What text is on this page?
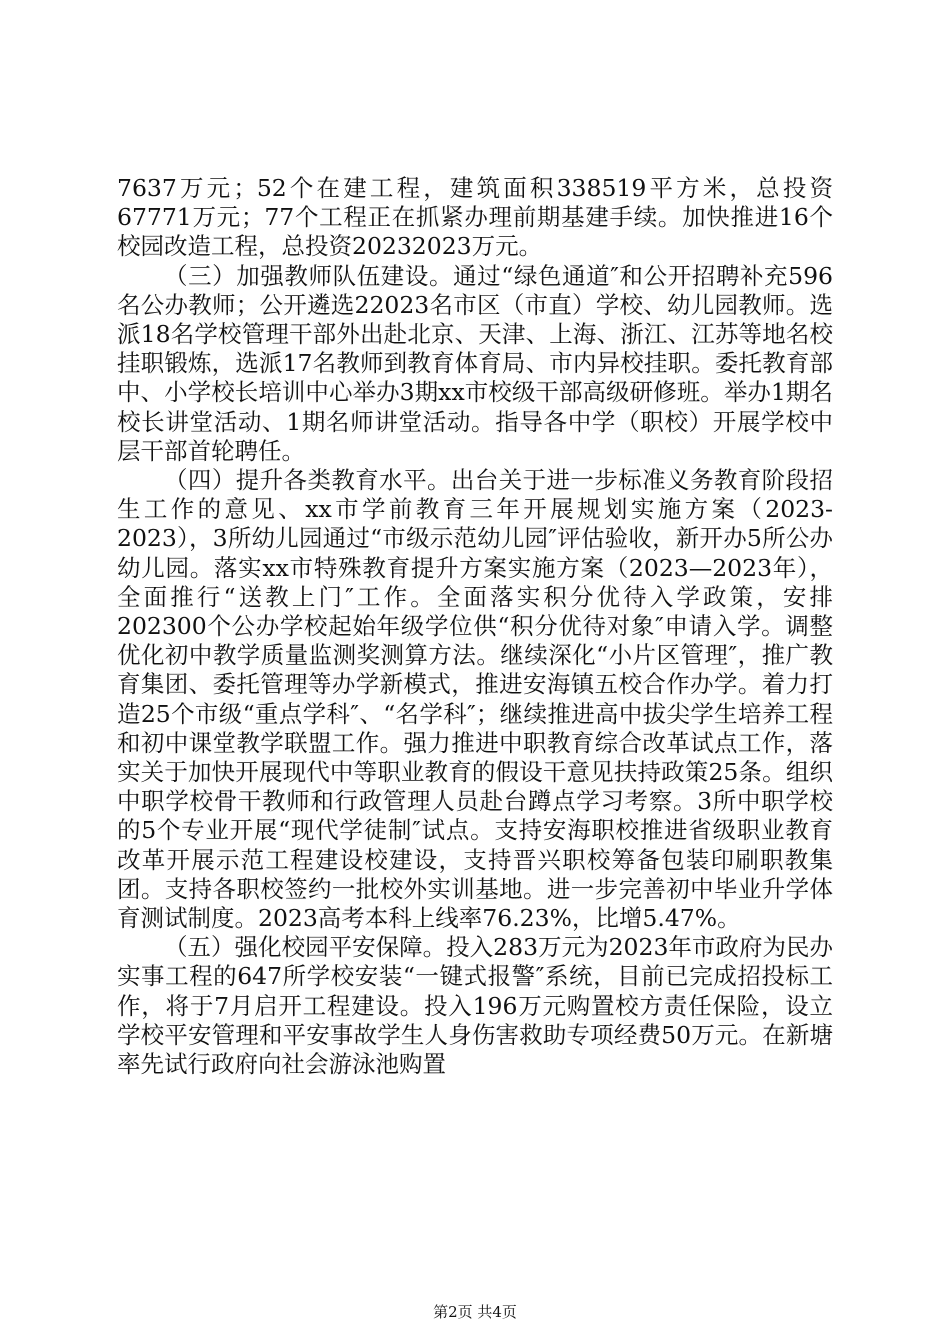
7637万元；52个在建工程，建筑面积338519平方米，总投资67771万元；77个工程正在抓紧办理前期基建手续。加快推进16个校园改造工程，总投资20232023万元。

（三）加强教师队伍建设。通过“绿色通道″和公开招聘补充596名公办教师；公开遴选22023名市区（市直）学校、幼儿园教师。选派18名学校管理干部外出赴北京、天津、上海、浙江、江苏等地名校挂职锻炼，选派17名教师到教育体育局、市内异校挂职。委托教育部中、小学校长培训中心举办3期xx市校级干部高级研修班。举办1期名校长讲堂活动、1期名师讲堂活动。指导各中学（职校）开展学校中层干部首轮聘任。

（四）提升各类教育水平。出台关于进一步标准义务教育阶段招生工作的意见、xx市学前教育三年开展规划实施方案（2023-2023），3所幼儿园通过“市级示范幼儿园″评估验收，新开办5所公办幼儿园。落实xx市特殊教育提升方案实施方案（2023—2023年），全面推行“送教上门″工作。全面落实积分优待入学政策，安排202300个公办学校起始年级学位供“积分优待对象″申请入学。调整优化初中教学质量监测奖测算方法。继续深化“小片区管理″，推广教育集团、委托管理等办学新模式，推进安海镇五校合作办学。着力打造25个市级“重点学科″、“名学科″；继续推进高中拔尖学生培养工程和初中课堂教学联盟工作。强力推进中职教育综合改革试点工作，落实关于加快开展现代中等职业教育的假设干意见扶持政策25条。组织中职学校骨干教师和行政管理人员赴台蹲点学习考察。3所中职学校的5个专业开展“现代学徒制″试点。支持安海职校推进省级职业教育改革开展示范工程建设校建设，支持晋兴职校筹备包装印刷职教集团。支持各职校签约一批校外实训基地。进一步完善初中毕业升学体育测试制度。2023高考本科上线率76.23%，比增5.47%。

（五）强化校园平安保障。投入283万元为2023年市政府为民办实事工程的647所学校安装“一键式报警″系统，目前已完成招投标工作，将于7月启开工程建设。投入196万元购置校方责任保险，设立学校平安管理和平安事故学生人身伤害救助专项经费50万元。在新塘率先试行政府向社会游泳池购置

第2页 共4页
